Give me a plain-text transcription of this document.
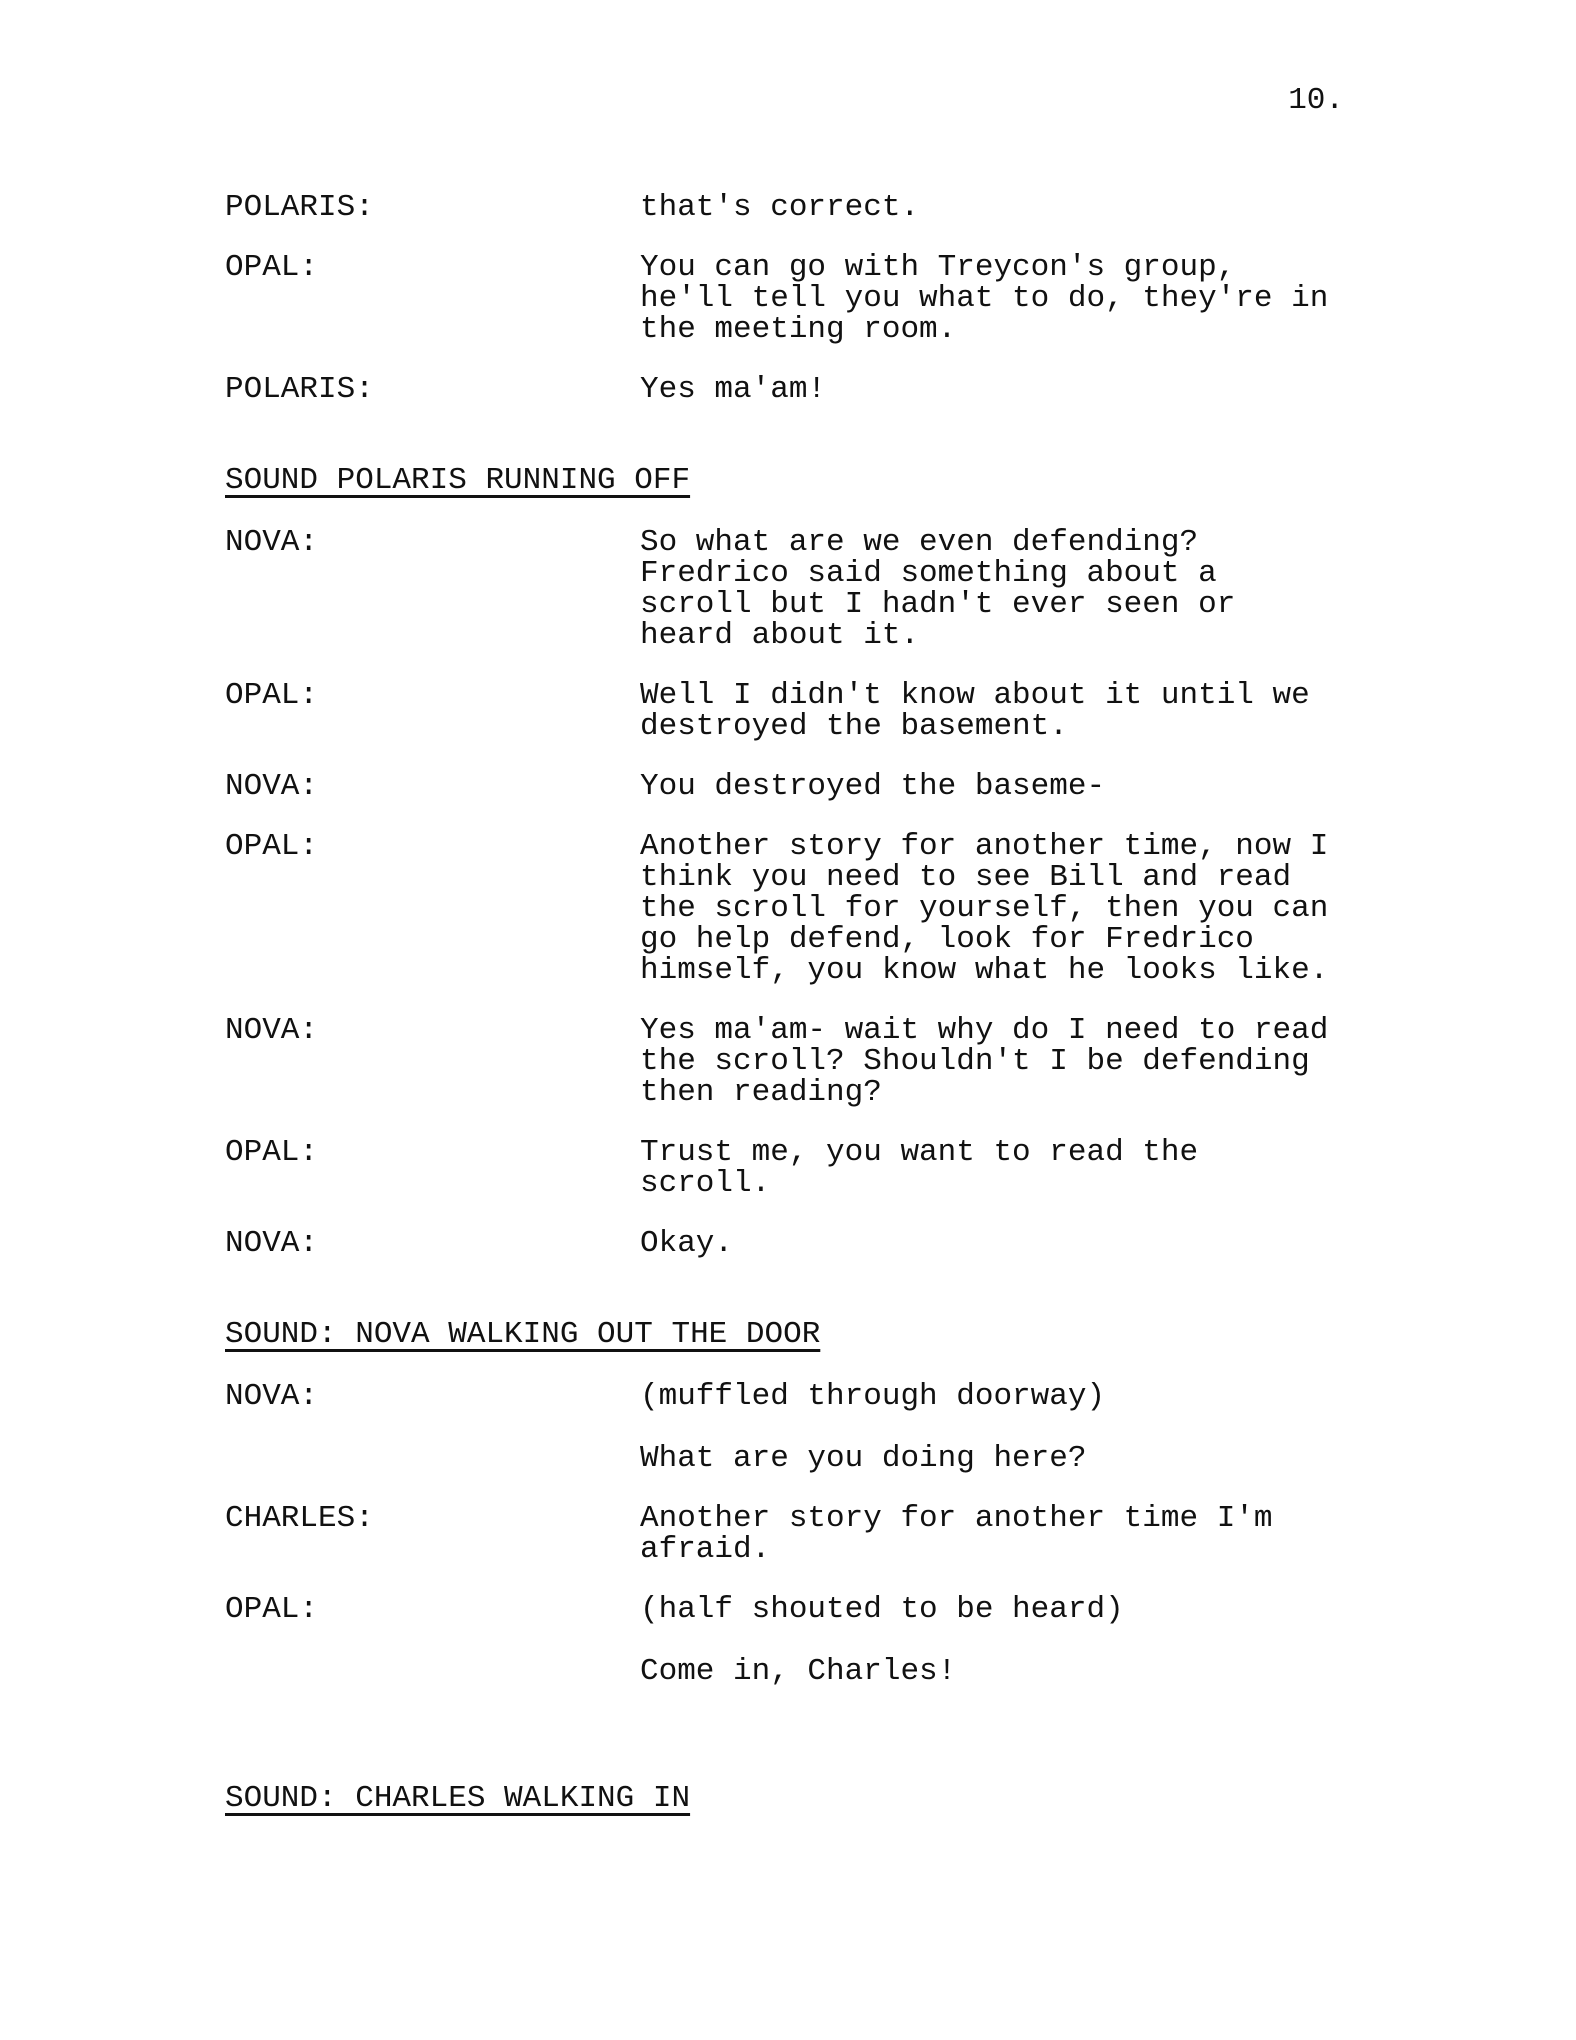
10.
POLARIS:	that's correct.
OPAL:	You can go with Treycon's group,
he'll tell you what to do, they're in
the meeting room.
POLARIS:	Yes ma'am!
SOUND POLARIS RUNNING OFF
NOVA:	So what are we even defending?
Fredrico said something about a
scroll but I hadn't ever seen or
heard about it.
OPAL:	Well I didn't know about it until we
destroyed the basement.
NOVA:	You destroyed the baseme-
OPAL:	Another story for another time, now I
think you need to see Bill and read
the scroll for yourself, then you can
go help defend, look for Fredrico
himself, you know what he looks like.
NOVA:	Yes ma'am- wait why do I need to read
the scroll? Shouldn't I be defending
then reading?
OPAL:	Trust me, you want to read the
scroll.
NOVA:	Okay.
SOUND: NOVA WALKING OUT THE DOOR
NOVA:	(muffled through doorway)
What are you doing here?
CHARLES:	Another story for another time I'm
afraid.
OPAL:	(half shouted to be heard)
Come in, Charles!
SOUND: CHARLES WALKING IN
